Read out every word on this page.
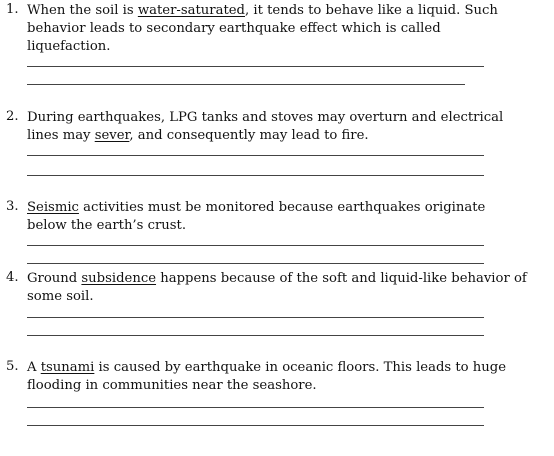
1. When the soil is water-saturated, it tends to behave like a liquid. Such behavior leads to secondary earthquake effect which is called liquefaction.
2. During earthquakes, LPG tanks and stoves may overturn and electrical lines may sever, and consequently may lead to fire.
3. Seismic activities must be monitored because earthquakes originate below the earth’s crust.
4. Ground subsidence happens because of the soft and liquid-like behavior of some soil.
5. A tsunami is caused by earthquake in oceanic floors. This leads to huge flooding in communities near the seashore.
